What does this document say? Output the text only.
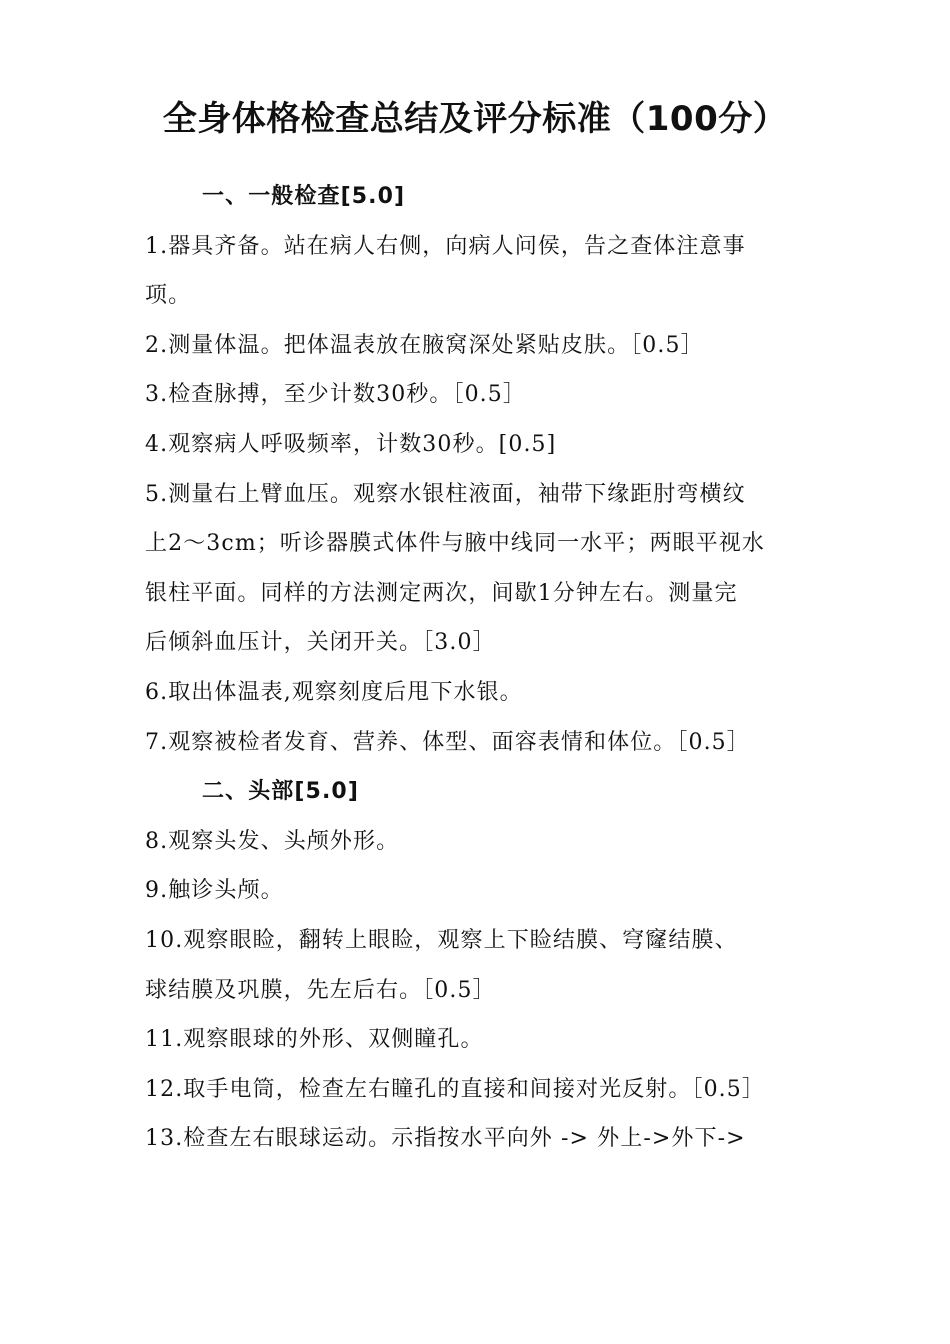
全身体格检查总结及评分标准（100分）
一、一般检查[5.0]
1.器具齐备。站在病人右侧，向病人问侯，告之查体注意事
项。
2.测量体温。把体温表放在腋窝深处紧贴皮肤。［0.5］
3.检查脉搏，至少计数30秒。［0.5］
4.观察病人呼吸频率，计数30秒。[0.5]
5.测量右上臂血压。观察水银柱液面，袖带下缘距肘弯横纹
上2～3cm；听诊器膜式体件与腋中线同一水平；两眼平视水
银柱平面。同样的方法测定两次，间歇1分钟左右。测量完
后倾斜血压计，关闭开关。［3.0］
6.取出体温表,观察刻度后甩下水银。
7.观察被检者发育、营养、体型、面容表情和体位。［0.5］
二、头部[5.0]
8.观察头发、头颅外形。
9.触诊头颅。
10.观察眼睑，翻转上眼睑，观察上下睑结膜、穹窿结膜、
球结膜及巩膜，先左后右。［0.5］
11.观察眼球的外形、双侧瞳孔。
12.取手电筒，检查左右瞳孔的直接和间接对光反射。［0.5］
13.检查左右眼球运动。示指按水平向外 -> 外上->外下->
